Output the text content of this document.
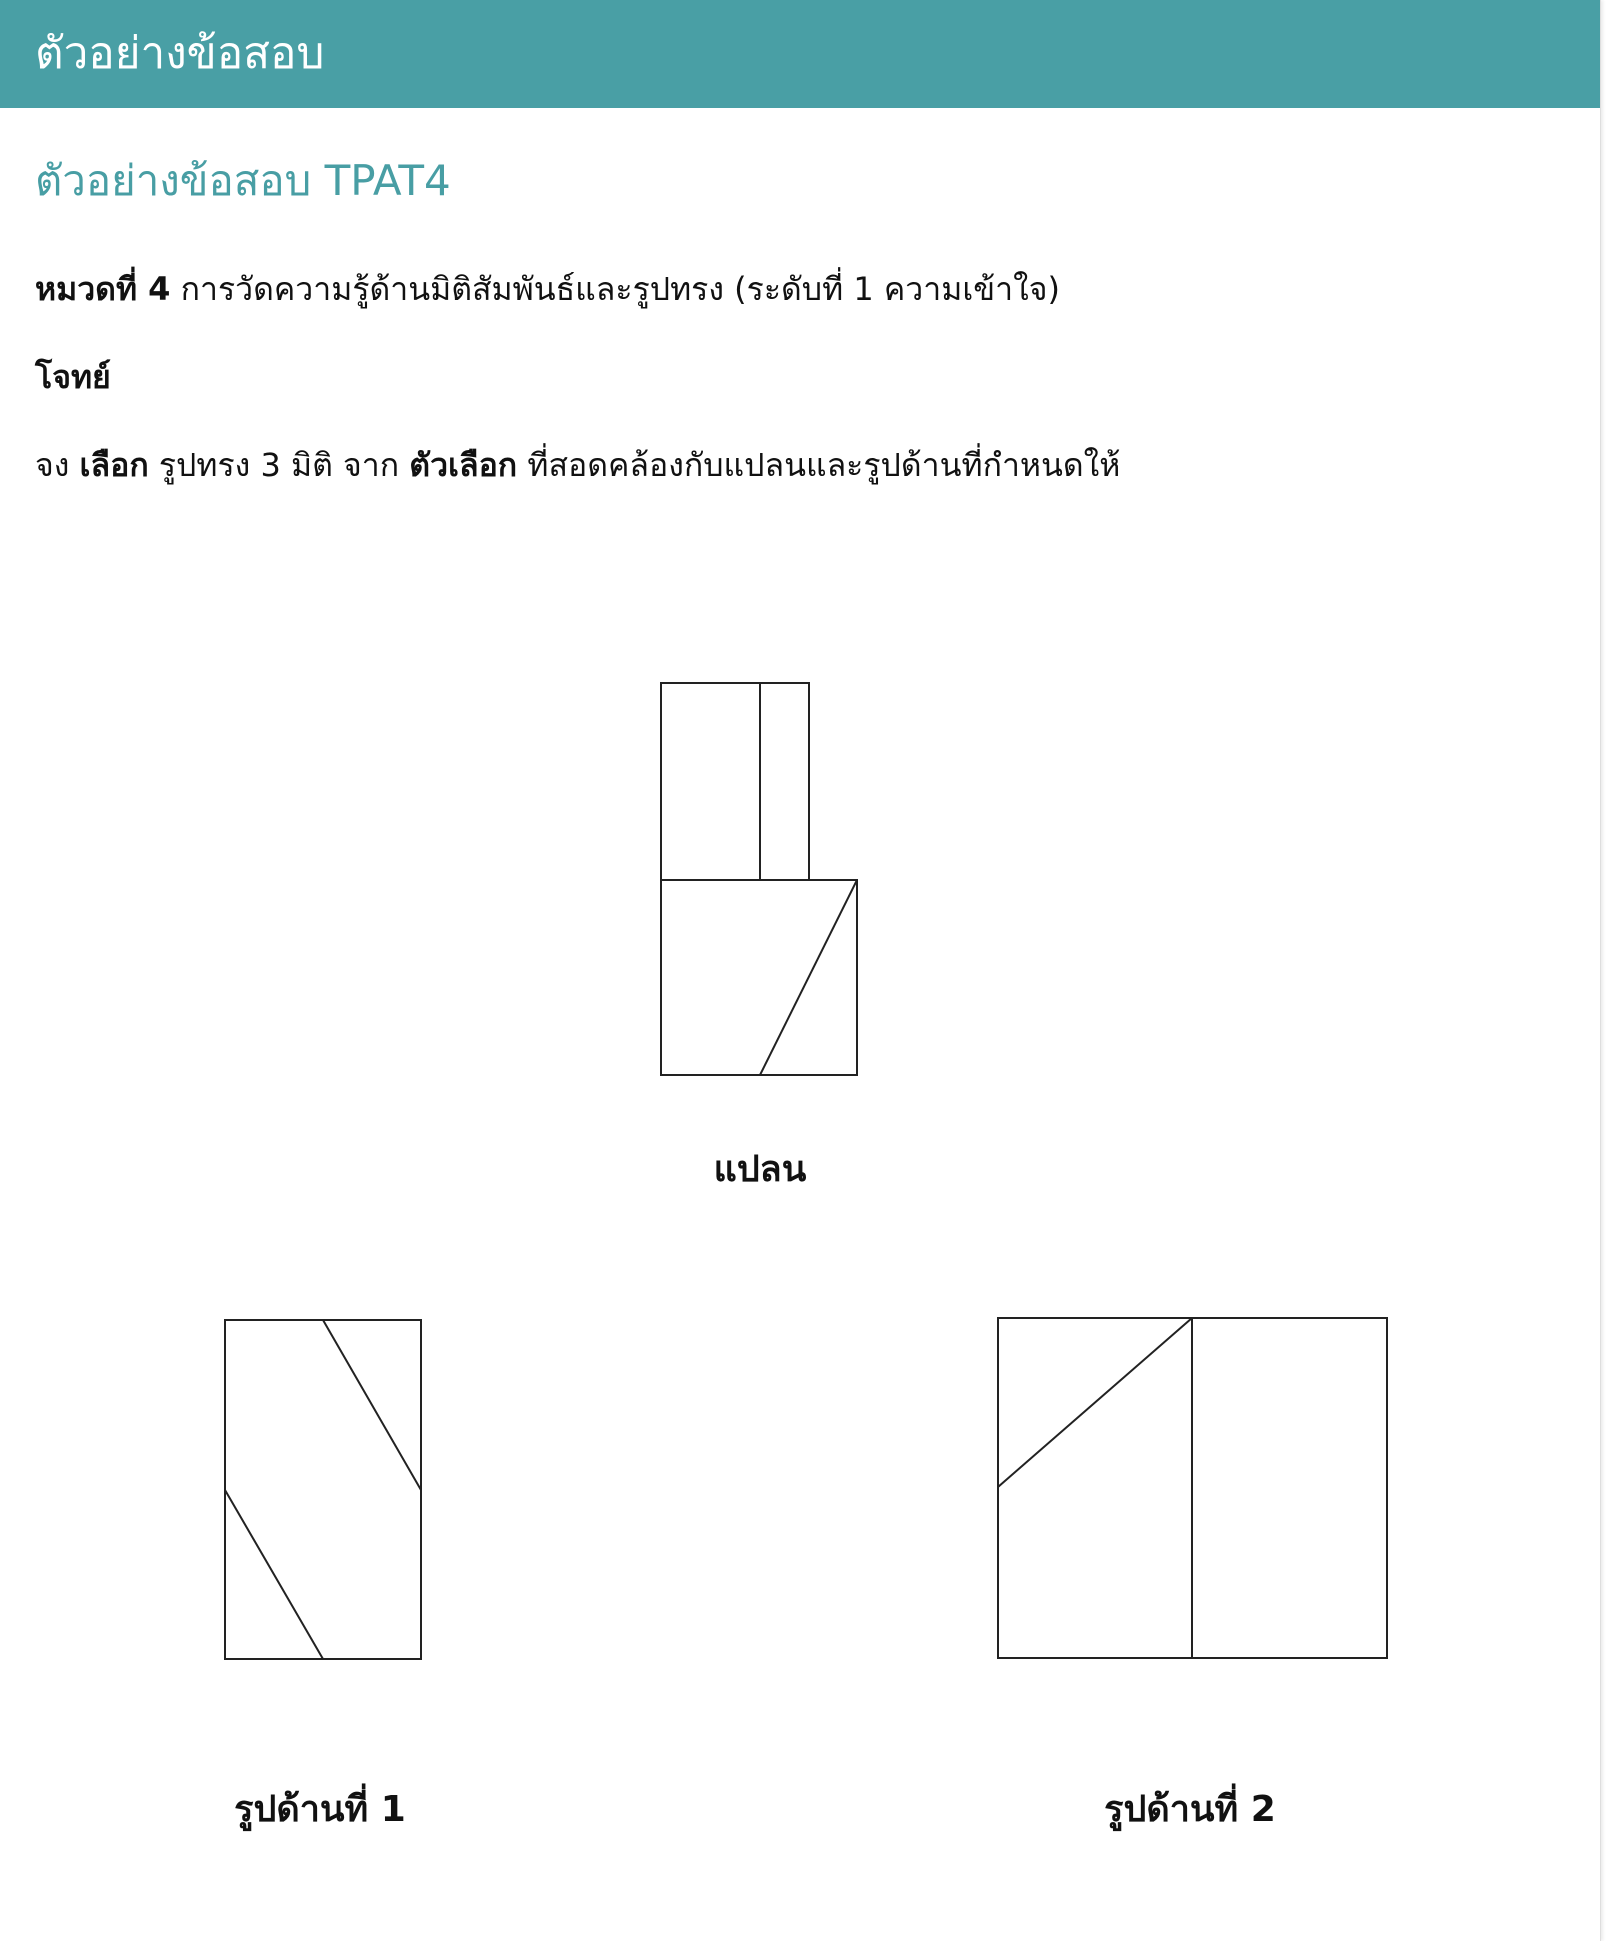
ตัวอย่างข้อสอบ
ตัวอย่างข้อสอบ TPAT4
หมวดที่ 4 การวัดความรู้ด้านมิติสัมพันธ์และรูปทรง (ระดับที่ 1 ความเข้าใจ)
โจทย์
จง เลือก รูปทรง 3 มิติ จาก ตัวเลือก ที่สอดคล้องกับแปลนและรูปด้านที่กำหนดให้
แปลน
รูปด้านที่ 1	รูปด้านที่ 2
